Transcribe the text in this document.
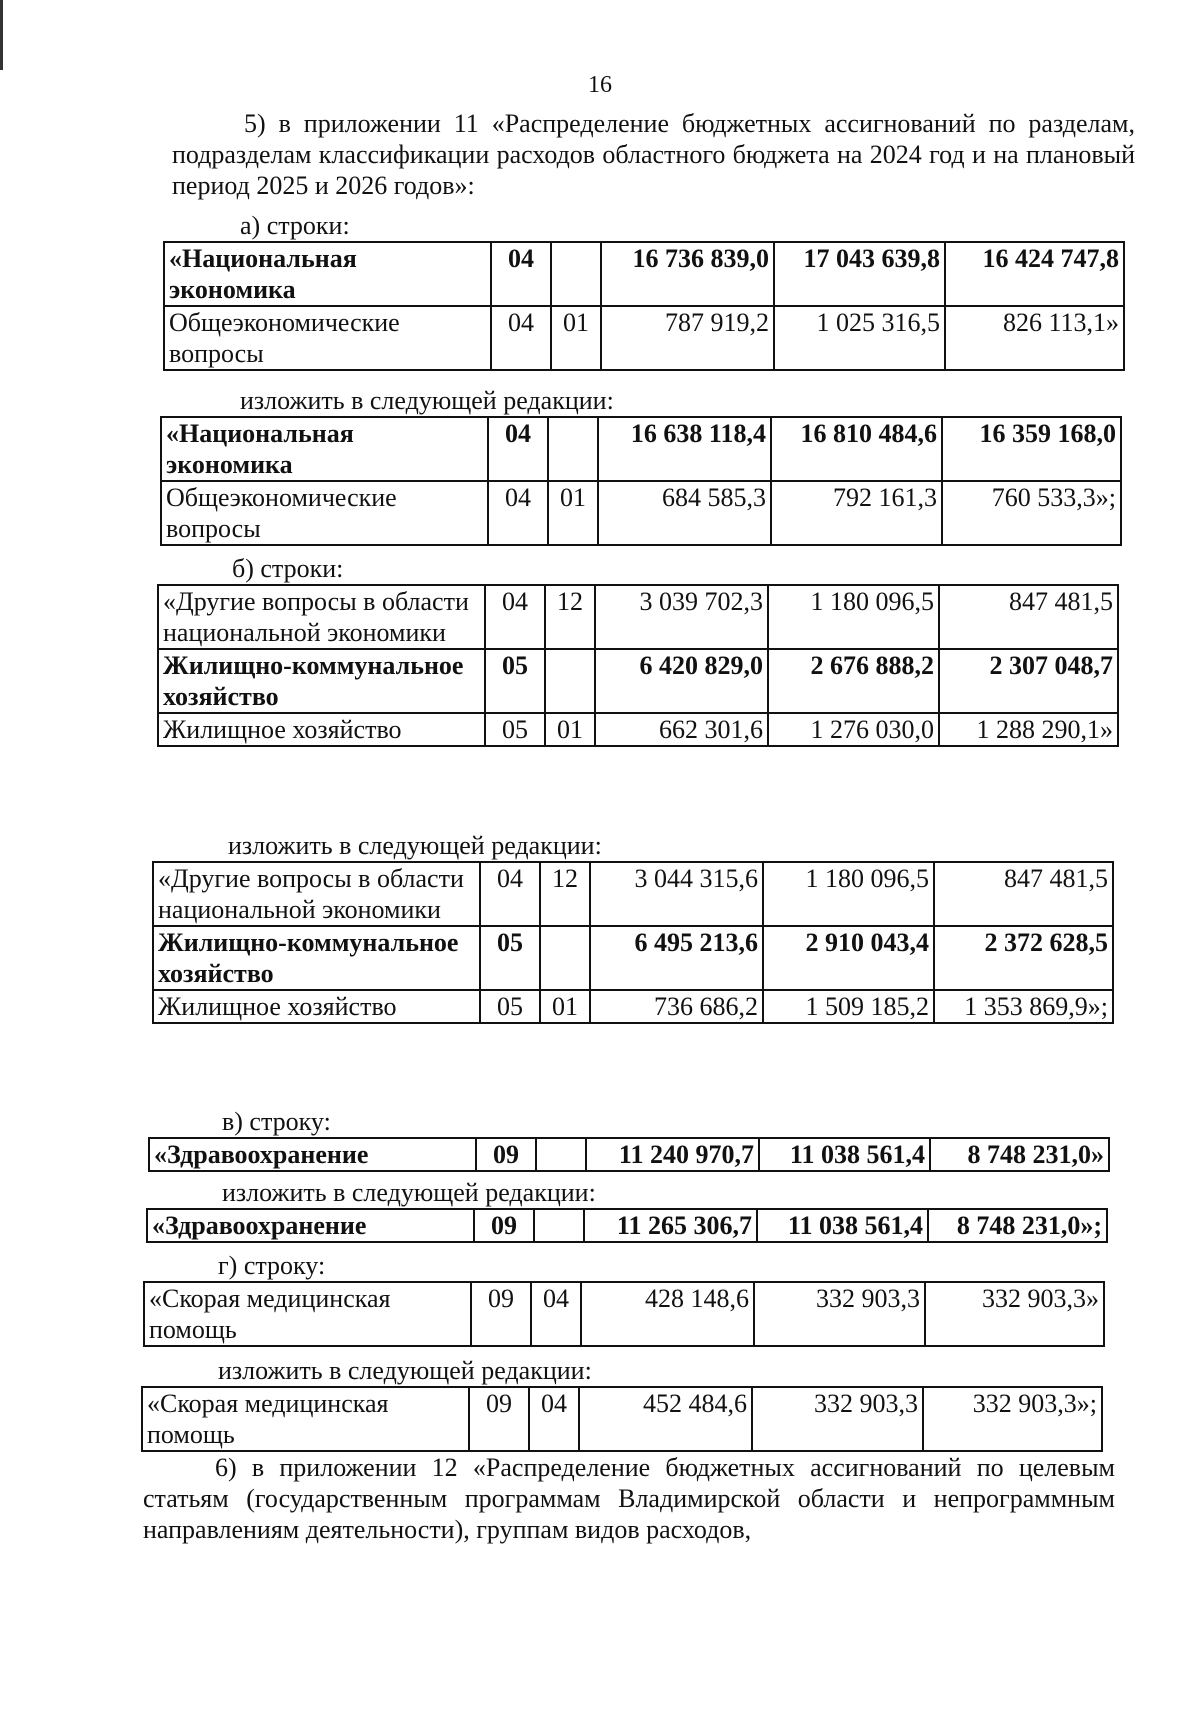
16

5) в приложении 11 «Распределение бюджетных ассигнований по разделам, подразделам классификации расходов областного бюджета на 2024 год и на плановый период 2025 и 2026 годов»:

а) строки:

«Национальная экономика	04		16 736 839,0	17 043 639,8	16 424 747,8
Общеэкономические вопросы	04	01	787 919,2	1 025 316,5	826 113,1»

изложить в следующей редакции:

«Национальная экономика	04		16 638 118,4	16 810 484,6	16 359 168,0
Общеэкономические вопросы	04	01	684 585,3	792 161,3	760 533,3»;

б) строки:

«Другие вопросы в области национальной экономики	04	12	3 039 702,3	1 180 096,5	847 481,5
Жилищно-коммунальное хозяйство	05		6 420 829,0	2 676 888,2	2 307 048,7
Жилищное хозяйство	05	01	662 301,6	1 276 030,0	1 288 290,1»

изложить в следующей редакции:

«Другие вопросы в области национальной экономики	04	12	3 044 315,6	1 180 096,5	847 481,5
Жилищно-коммунальное хозяйство	05		6 495 213,6	2 910 043,4	2 372 628,5
Жилищное хозяйство	05	01	736 686,2	1 509 185,2	1 353 869,9»;

в) строку:

«Здравоохранение	09		11 240 970,7	11 038 561,4	8 748 231,0»

изложить в следующей редакции:

«Здравоохранение	09		11 265 306,7	11 038 561,4	8 748 231,0»;

г) строку:

«Скорая медицинская помощь	09	04	428 148,6	332 903,3	332 903,3»

изложить в следующей редакции:

«Скорая медицинская помощь	09	04	452 484,6	332 903,3	332 903,3»;

6) в приложении 12 «Распределение бюджетных ассигнований по целевым статьям (государственным программам Владимирской области и непрограммным направлениям деятельности), группам видов расходов,
